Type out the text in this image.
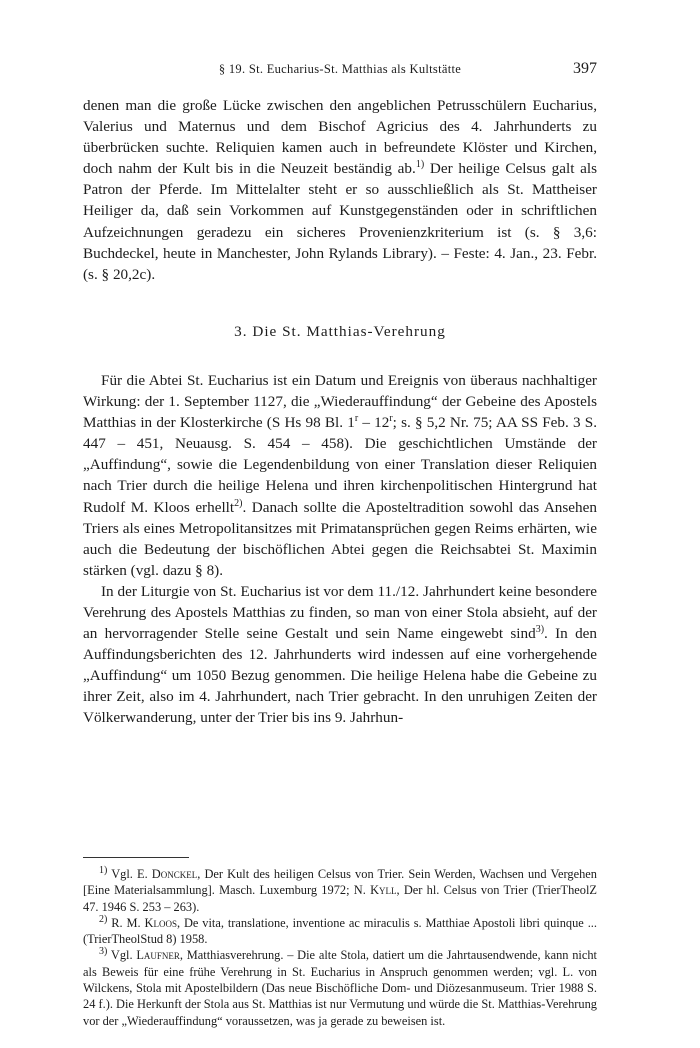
§ 19. St. Eucharius-St. Matthias als Kultstätte	397

denen man die große Lücke zwischen den angeblichen Petrusschülern Eucharius, Valerius und Maternus und dem Bischof Agricius des 4. Jahrhunderts zu überbrücken suchte. Reliquien kamen auch in befreundete Klöster und Kirchen, doch nahm der Kult bis in die Neuzeit beständig ab.$^{1)}$ Der heilige Celsus galt als Patron der Pferde. Im Mittelalter steht er so ausschließlich als St. Mattheiser Heiliger da, daß sein Vorkommen auf Kunstgegenständen oder in schriftlichen Aufzeichnungen geradezu ein sicheres Provenienzkriterium ist (s. § 3,6: Buchdeckel, heute in Manchester, John Rylands Library). – Feste: 4. Jan., 23. Febr. (s. § 20,2c).

3. Die St. Matthias-Verehrung

Für die Abtei St. Eucharius ist ein Datum und Ereignis von überaus nachhaltiger Wirkung: der 1. September 1127, die „Wiederauffindung“ der Gebeine des Apostels Matthias in der Klosterkirche (S Hs 98 Bl. 1$^r$ – 12$^r$; s. § 5,2 Nr. 75; AA SS Feb. 3 S. 447 – 451, Neuausg. S. 454 – 458). Die geschichtlichen Umstände der „Auffindung“, sowie die Legendenbildung von einer Translation dieser Reliquien nach Trier durch die heilige Helena und ihren kirchenpolitischen Hintergrund hat Rudolf M. Kloos erhellt$^{2)}$. Danach sollte die Aposteltradition sowohl das Ansehen Triers als eines Metropolitansitzes mit Primatansprüchen gegen Reims erhärten, wie auch die Bedeutung der bischöflichen Abtei gegen die Reichsabtei St. Maximin stärken (vgl. dazu § 8).

In der Liturgie von St. Eucharius ist vor dem 11./12. Jahrhundert keine besondere Verehrung des Apostels Matthias zu finden, so man von einer Stola absieht, auf der an hervorragender Stelle seine Gestalt und sein Name eingewebt sind$^{3)}$. In den Auffindungsberichten des 12. Jahrhunderts wird indessen auf eine vorhergehende „Auffindung“ um 1050 Bezug genommen. Die heilige Helena habe die Gebeine zu ihrer Zeit, also im 4. Jahrhundert, nach Trier gebracht. In den unruhigen Zeiten der Völkerwanderung, unter der Trier bis ins 9. Jahrhun-

$^{1)}$ Vgl. E. Donckel, Der Kult des heiligen Celsus von Trier. Sein Werden, Wachsen und Vergehen [Eine Materialsammlung]. Masch. Luxemburg 1972; N. Kyll, Der hl. Celsus von Trier (TrierTheolZ 47. 1946 S. 253 – 263).

$^{2)}$ R. M. Kloos, De vita, translatione, inventione ac miraculis s. Matthiae Apostoli libri quinque ... (TrierTheolStud 8) 1958.

$^{3)}$ Vgl. Laufner, Matthiasverehrung. – Die alte Stola, datiert um die Jahrtausendwende, kann nicht als Beweis für eine frühe Verehrung in St. Eucharius in Anspruch genommen werden; vgl. L. von Wilckens, Stola mit Apostelbildern (Das neue Bischöfliche Dom- und Diözesanmuseum. Trier 1988 S. 24 f.). Die Herkunft der Stola aus St. Matthias ist nur Vermutung und würde die St. Matthias-Verehrung vor der „Wiederauffindung“ voraussetzen, was ja gerade zu beweisen ist.
